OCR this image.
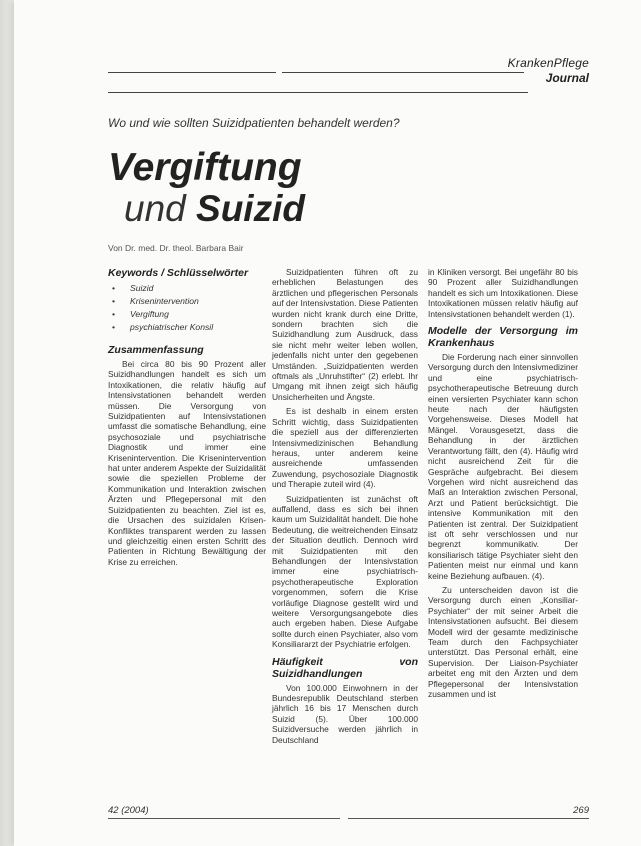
KrankenPflege
Journal
Wo und wie sollten Suizidpatienten behandelt werden?
Vergiftung
und Suizid
Von Dr. med. Dr. theol. Barbara Bair
Keywords / Schlüsselwörter
• Suizid
• Krisenintervention
• Vergiftung
• psychiatrischer Konsil
Zusammenfassung

Bei circa 80 bis 90 Prozent aller Suizidhandlungen handelt es sich um Intoxikationen, die relativ häufig auf Intensivstationen behandelt werden müssen. Die Versorgung von Suizidpatienten auf Intensivstationen umfasst die somatische Behandlung, eine psychosoziale und psychiatrische Diagnostik und immer eine Krisenintervention. Die Krisenintervention hat unter anderem Aspekte der Suizidalität sowie die speziellen Probleme der Kommunikation und Interaktion zwischen Ärzten und Pflegepersonal mit den Suizidpatienten zu beachten. Ziel ist es, die Ursachen des suizidalen Krisen-Konfliktes transparent werden zu lassen und gleichzeitig einen ersten Schritt des Patienten in Richtung Bewältigung der Krise zu erreichen.

Suizidpatienten führen oft zu erheblichen Belastungen des ärztlichen und pflegerischen Personals auf der Intensivstation. Diese Patienten wurden nicht krank durch eine Dritte, sondern brachten sich die Suizidhandlung zum Ausdruck, dass sie nicht mehr weiter leben wollen, jedenfalls nicht unter den gegebenen Umständen. „Suizidpatienten werden oftmals als „Unruhstifter“ (2) erlebt. Ihr Umgang mit ihnen zeigt sich häufig Unsicherheiten und Ängste.

Es ist deshalb in einem ersten Schritt wichtig, dass Suizidpatienten die speziell aus der differenzierten Intensivmedizinischen Behandlung heraus, unter anderem keine ausreichende umfassenden Zuwendung, psychosoziale Diagnostik und Therapie zuteil wird (4).

Suizidpatienten ist zunächst oft auffallend, dass es sich bei ihnen kaum um Suizidalität handelt. Die hohe Bedeutung, die weitreichenden Einsatz der Situation deutlich. Dennoch wird mit Suizidpatienten mit den Behandlungen der Intensivstation immer eine psychiatrisch-psychotherapeutische Exploration vorgenommen, sofern die Krise vorläufige Diagnose gestellt wird und weitere Versorgungsangebote dies auch ergeben haben. Diese Aufgabe sollte durch einen Psychiater, also vom Konsiliararzt der Psychiatrie erfolgen.

Häufigkeit von Suizidhandlungen

Von 100.000 Einwohnern in der Bundesrepublik Deutschland sterben jährlich 16 bis 17 Menschen durch Suizid (5). Über 100.000 Suizidversuche werden jährlich in Deutschland

in Kliniken versorgt. Bei ungefähr 80 bis 90 Prozent aller Suizidhandlungen handelt es sich um Intoxikationen. Diese Intoxikationen müssen relativ häufig auf Intensivstationen behandelt werden (1).

Modelle der Versorgung im Krankenhaus

Die Forderung nach einer sinnvollen Versorgung durch den Intensivmediziner und eine psychiatrisch-psychotherapeutische Betreuung durch einen versierten Psychiater kann schon heute nach der häufigsten Vorgehensweise. Dieses Modell hat Mängel. Vorausgesetzt, dass die Behandlung in der ärztlichen Verantwortung fällt, den (4). Häufig wird nicht ausreichend Zeit für die Gespräche aufgebracht. Bei diesem Vorgehen wird nicht ausreichend das Maß an Interaktion zwischen Personal, Arzt und Patient berücksichtigt. Die intensive Kommunikation mit den Patienten ist zentral. Der Suizidpatient ist oft sehr verschlossen und nur begrenzt kommunikativ. Der konsiliarisch tätige Psychiater sieht den Patienten meist nur einmal und kann keine Beziehung aufbauen. (4).

Zu unterscheiden davon ist die Versorgung durch einen „Konsiliar-Psychiater“ der mit seiner Arbeit die Intensivstationen aufsucht. Bei diesem Modell wird der gesamte medizinische Team durch den Fachpsychiater unterstützt. Das Personal erhält, eine Supervision. Der Liaison-Psychiater arbeitet eng mit den Ärzten und dem Pflegepersonal der Intensivstation zusammen und ist

42 (2004)	269
